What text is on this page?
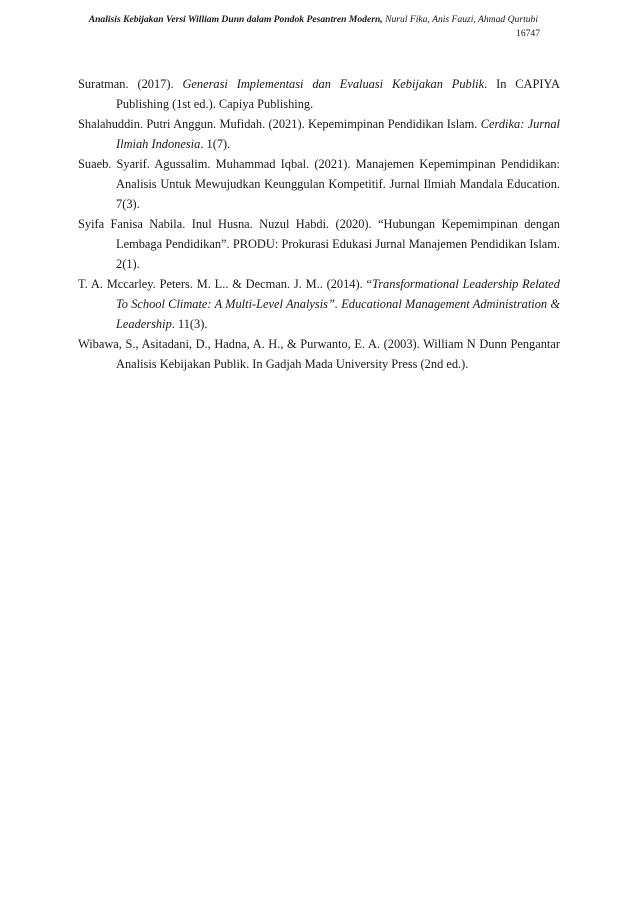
Analisis Kebijakan Versi William Dunn dalam Pondok Pesantren Modern, Nurul Fika, Anis Fauzi, Ahmad Qurtubi
16747

Suratman. (2017). Generasi Implementasi dan Evaluasi Kebijakan Publik. In CAPIYA Publishing (1st ed.). Capiya Publishing.

Shalahuddin. Putri Anggun. Mufidah. (2021). Kepemimpinan Pendidikan Islam. Cerdika: Jurnal Ilmiah Indonesia. 1(7).

Suaeb. Syarif. Agussalim. Muhammad Iqbal. (2021). Manajemen Kepemimpinan Pendidikan: Analisis Untuk Mewujudkan Keunggulan Kompetitif. Jurnal Ilmiah Mandala Education. 7(3).

Syifa Fanisa Nabila. Inul Husna. Nuzul Habdi. (2020). “Hubungan Kepemimpinan dengan Lembaga Pendidikan”. PRODU: Prokurasi Edukasi Jurnal Manajemen Pendidikan Islam. 2(1).

T. A. Mccarley. Peters. M. L.. & Decman. J. M.. (2014). “Transformational Leadership Related To School Climate: A Multi-Level Analysis”. Educational Management Administration & Leadership. 11(3).

Wibawa, S., Asitadani, D., Hadna, A. H., & Purwanto, E. A. (2003). William N Dunn Pengantar Analisis Kebijakan Publik. In Gadjah Mada University Press (2nd ed.).
